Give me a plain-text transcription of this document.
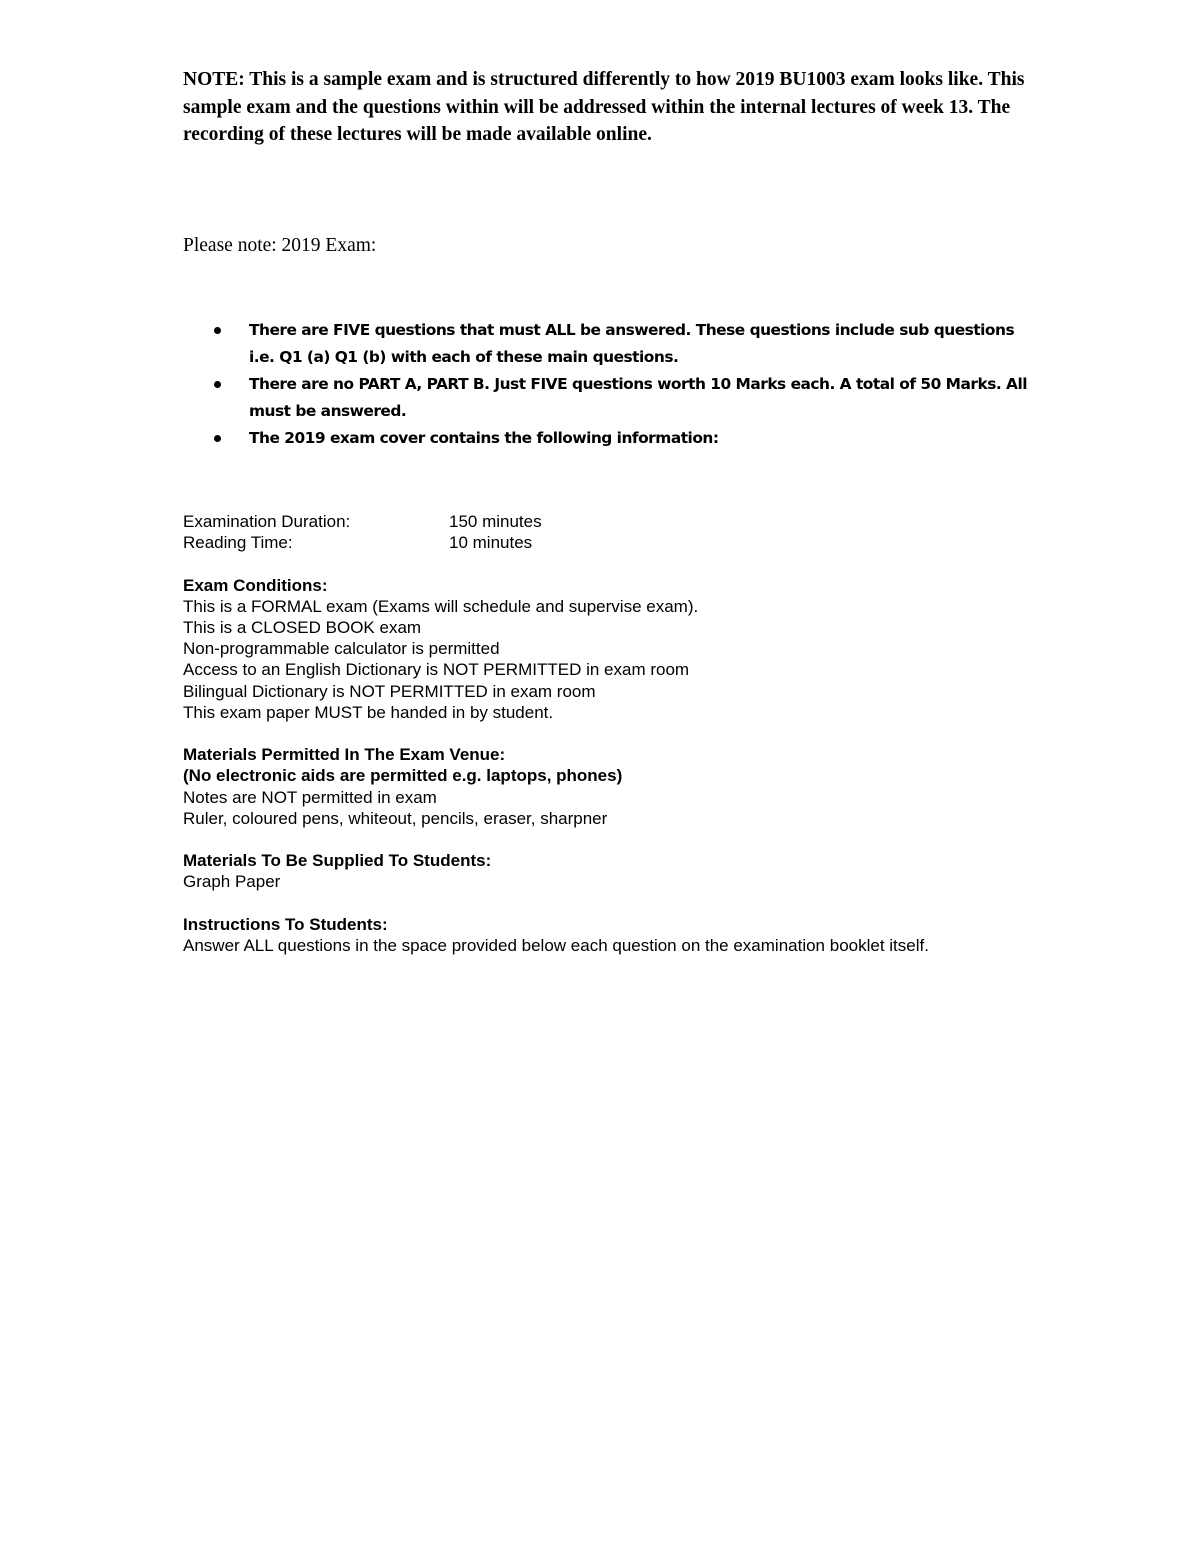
NOTE: This is a sample exam and is structured differently to how 2019 BU1003 exam looks like. This sample exam and the questions within will be addressed within the internal lectures of week 13. The recording of these lectures will be made available online.
Please note: 2019 Exam:
There are FIVE questions that must ALL be answered. These questions include sub questions i.e. Q1 (a) Q1 (b) with each of these main questions.
There are no PART A, PART B. Just FIVE questions worth 10 Marks each. A total of 50 Marks. All must be answered.
The 2019 exam cover contains the following information:
Examination Duration:	150 minutes
Reading Time:	10 minutes
Exam Conditions:
This is a FORMAL exam (Exams will schedule and supervise exam).
This is a CLOSED BOOK exam
Non-programmable calculator is permitted
Access to an English Dictionary is NOT PERMITTED in exam room
Bilingual Dictionary is NOT PERMITTED in exam room
This exam paper MUST be handed in by student.
Materials Permitted In The Exam Venue:
(No electronic aids are permitted e.g. laptops, phones)
Notes are NOT permitted in exam
Ruler, coloured pens, whiteout, pencils, eraser, sharpner
Materials To Be Supplied To Students:
Graph Paper
Instructions To Students:
Answer ALL questions in the space provided below each question on the examination booklet itself.
